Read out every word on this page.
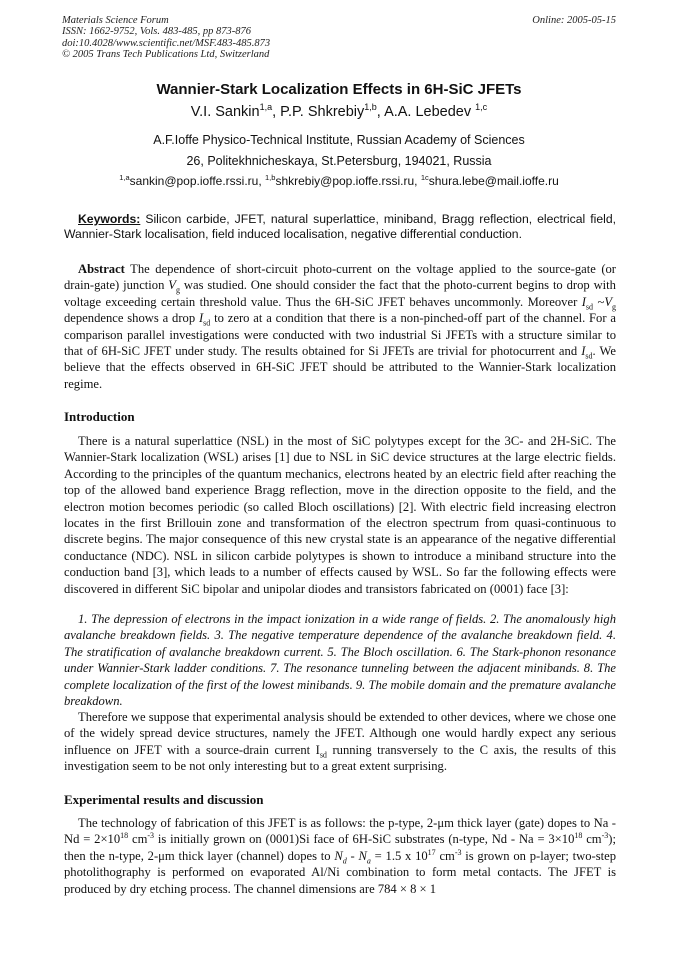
Materials Science Forum
ISSN: 1662-9752, Vols. 483-485, pp 873-876
doi:10.4028/www.scientific.net/MSF.483-485.873
© 2005 Trans Tech Publications Ltd, Switzerland
Online: 2005-05-15
Wannier-Stark Localization Effects in 6H-SiC JFETs
V.I. Sankin$^{1,a}$, P.P. Shkrebiy$^{1,b}$, A.A. Lebedev $^{1,c}$
A.F.Ioffe Physico-Technical Institute, Russian Academy of Sciences
26, Politekhnicheskaya, St.Petersburg, 194021, Russia
$^{1,a}$sankin@pop.ioffe.rssi.ru, $^{1,b}$shkrebiy@pop.ioffe.rssi.ru, $^{1c}$shura.lebe@mail.ioffe.ru
Keywords: Silicon carbide, JFET, natural superlattice, miniband, Bragg reflection, electrical field, Wannier-Stark localisation, field induced localisation, negative differential conduction.
Abstract The dependence of short-circuit photo-current on the voltage applied to the source-gate (or drain-gate) junction $V_g$ was studied. One should consider the fact that the photo-current begins to drop with voltage exceeding certain threshold value. Thus the 6H-SiC JFET behaves uncommonly. Moreover $I_{sd}$ $\sim V_g$ dependence shows a drop $I_{sd}$ to zero at a condition that there is a non-pinched-off part of the channel. For a comparison parallel investigations were conducted with two industrial Si JFETs with a structure similar to that of 6H-SiC JFET under study. The results obtained for Si JFETs are trivial for photocurrent and $I_{sd}$. We believe that the effects observed in 6H-SiC JFET should be attributed to the Wannier-Stark localization regime.
Introduction
There is a natural superlattice (NSL) in the most of SiC polytypes except for the 3C- and 2H-SiC. The Wannier-Stark localization (WSL) arises [1] due to NSL in SiC device structures at the large electric fields. According to the principles of the quantum mechanics, electrons heated by an electric field after reaching the top of the allowed band experience Bragg reflection, move in the direction opposite to the field, and the electron motion becomes periodic (so called Bloch oscillations) [2]. With electric field increasing electron locates in the first Brillouin zone and transformation of the electron spectrum from quasi-continuous to discrete begins. The major consequence of this new crystal state is an appearance of the negative differential conductance (NDC). NSL in silicon carbide polytypes is shown to introduce a miniband structure into the conduction band [3], which leads to a number of effects caused by WSL. So far the following effects were discovered in different SiC bipolar and unipolar diodes and transistors fabricated on (0001) face [3]:
1. The depression of electrons in the impact ionization in a wide range of fields. 2. The anomalously high avalanche breakdown fields. 3. The negative temperature dependence of the avalanche breakdown field. 4. The stratification of avalanche breakdown current. 5. The Bloch oscillation. 6. The Stark-phonon resonance under Wannier-Stark ladder conditions. 7. The resonance tunneling between the adjacent minibands. 8. The complete localization of the first of the lowest minibands. 9. The mobile domain and the premature avalanche breakdown.
Therefore we suppose that experimental analysis should be extended to other devices, where we chose one of the widely spread device structures, namely the JFET. Although one would hardly expect any serious influence on JFET with a source-drain current $I_{sd}$ running transversely to the C axis, the results of this investigation seem to be not only interesting but to a great extent surprising.
Experimental results and discussion
The technology of fabrication of this JFET is as follows: the p-type, 2-μm thick layer (gate) dopes to $Na - Nd = 2\times 10^{18}$ $cm^{-3}$ is initially grown on (0001)Si face of 6H-SiC substrates (n-type, $Nd - Na = 3\times 10^{18}$ $cm^{-3}$); then the n-type, 2-μm thick layer (channel) dopes to $N_d - N_a = 1.5$ x $10^{17}$ $cm^{-3}$ is grown on p-layer; two-step photolithography is performed on evaporated Al/Ni combination to form metal contacts. The JFET is produced by dry etching process. The channel dimensions are 784 × 8 × 1
